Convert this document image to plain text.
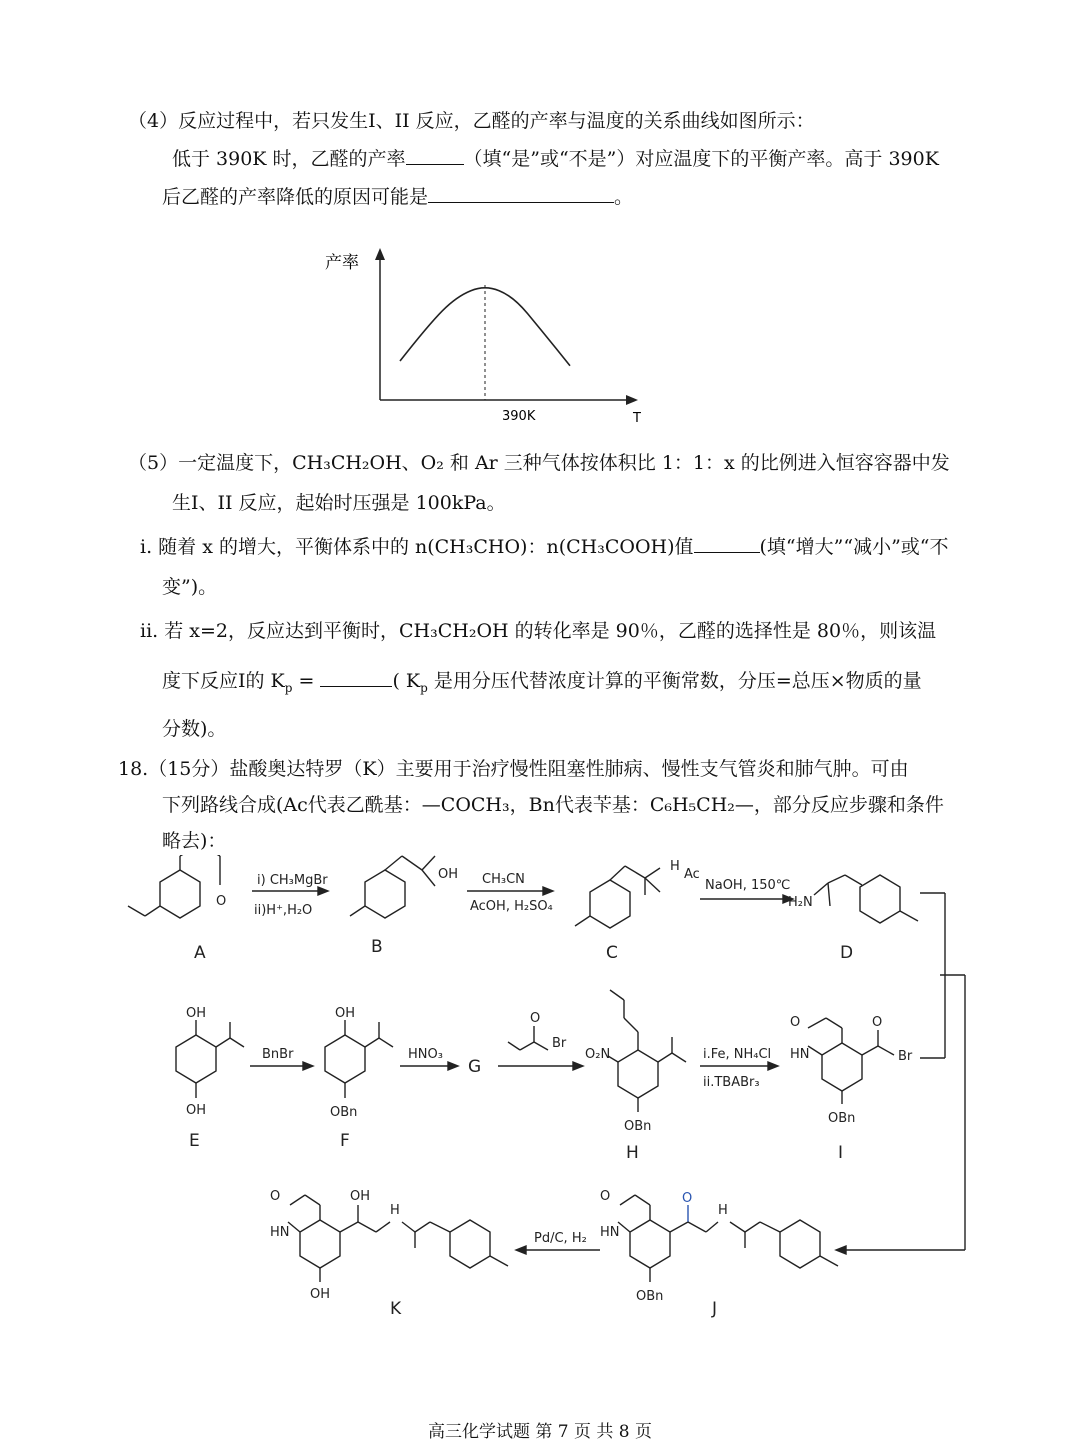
（4）反应过程中，若只发生I、II 反应，乙醛的产率与温度的关系曲线如图所示：
低于 390K 时，乙醛的产率	（填“是”或“不是”）对应温度下的平衡产率。高于 390K
后乙醛的产率降低的原因可能是	。
产率
390K	T
（5）一定温度下，CH₃CH₂OH、O₂ 和 Ar 三种气体按体积比 1：1：x 的比例进入恒容容器中发
生I、II 反应，起始时压强是 100kPa。
i. 随着 x 的增大，平衡体系中的 n(CH₃CHO)：n(CH₃COOH)值	(填“增大”“减小”或“不
变”)。
ii. 若 x=2，反应达到平衡时，CH₃CH₂OH 的转化率是 90％，乙醛的选择性是 80％，则该温
度下反应I的 $K_p$ =	( $K_p$ 是用分压代替浓度计算的平衡常数，分压=总压×物质的量
分数)。
18.（15分）盐酸奥达特罗（K）主要用于治疗慢性阻塞性肺病、慢性支气管炎和肺气肿。可由
下列路线合成(Ac代表乙酰基：—COCH₃，Bn代表苄基：C₆H₅CH₂—，部分反应步骤和条件
略去)：
O
A
i) CH₃MgBr
ii)H⁺,H₂O
OH
B
CH₃CN
AcOH, H₂SO₄
H
Ac
C
NaOH, 150℃
H₂N
D
OH
OH
E
BnBr
OH
OBn
F
HNO₃
G
O
Br
O₂N
OBn
H
i.Fe, NH₄Cl
ii.TBABr₃
O	O
HN	Br
OBn
I
O
HN
OH
H
OH
K
Pd/C, H₂
O
HN
O
H
OBn
J
高三化学试题 第 7 页 共 8 页
